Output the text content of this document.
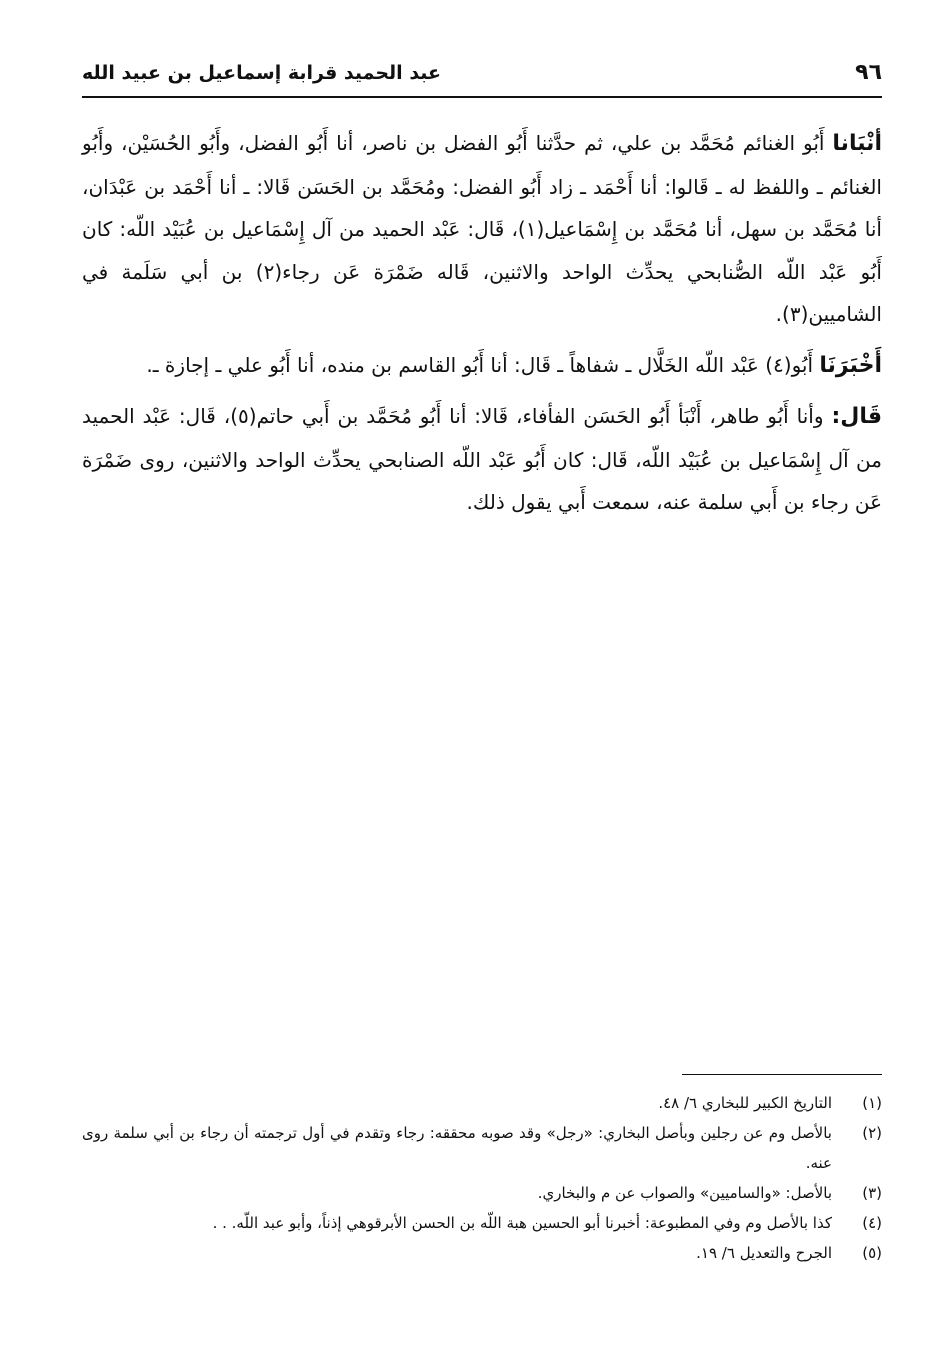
٩٦
عبد الحميد قرابة إسماعيل بن عبيد الله

أنْبَانا أَبُو الغنائم مُحَمَّد بن علي، ثم حدَّثنا أَبُو الفضل بن ناصر، أنا أَبُو الفضل، وأَبُو الحُسَيْن، وأَبُو الغنائم ـ واللفظ له ـ قَالوا: أنا أَحْمَد ـ زاد أَبُو الفضل: ومُحَمَّد بن الحَسَن قَالا: ـ أنا أَحْمَد بن عَبْدَان، أنا مُحَمَّد بن سهل، أنا مُحَمَّد بن إِسْمَاعيل(١)، قَال: عَبْد الحميد من آل إِسْمَاعيل بن عُبَيْد اللّه: كان أَبُو عَبْد اللّه الصُّنابحي يحدِّث الواحد والاثنين، قَاله ضَمْرَة عَن رجاء(٢) بن أبي سَلَمة في الشاميين(٣).

أَخْبَرَنَا أَبُو(٤) عَبْد اللّه الخَلَّال ـ شفاهاً ـ قَال: أنا أَبُو القاسم بن منده، أنا أَبُو علي ـ إجازة ـ.

قَال: وأنا أَبُو طاهر، أَنْبَأ أَبُو الحَسَن الفأفاء، قَالا: أنا أَبُو مُحَمَّد بن أَبي حاتم(٥)، قَال: عَبْد الحميد من آل إِسْمَاعيل بن عُبَيْد اللّه، قَال: كان أَبُو عَبْد اللّه الصنابحي يحدِّث الواحد والاثنين، روى ضَمْرَة عَن رجاء بن أَبي سلمة عنه، سمعت أَبي يقول ذلك.

(١)
التاريخ الكبير للبخاري ٦/ ٤٨.
(٢)
بالأصل وم عن رجلين وبأصل البخاري: «رجل» وقد صوبه محققه: رجاء وتقدم في أول ترجمته أن رجاء بن أبي سلمة روى عنه.
(٣)
بالأصل: «والساميين» والصواب عن م والبخاري.
(٤)
كذا بالأصل وم وفي المطبوعة: أخبرنا أبو الحسين هبة اللّه بن الحسن الأبرقوهي إذناً، وأبو عبد اللّه. . .
(٥)
الجرح والتعديل ٦/ ١٩.
